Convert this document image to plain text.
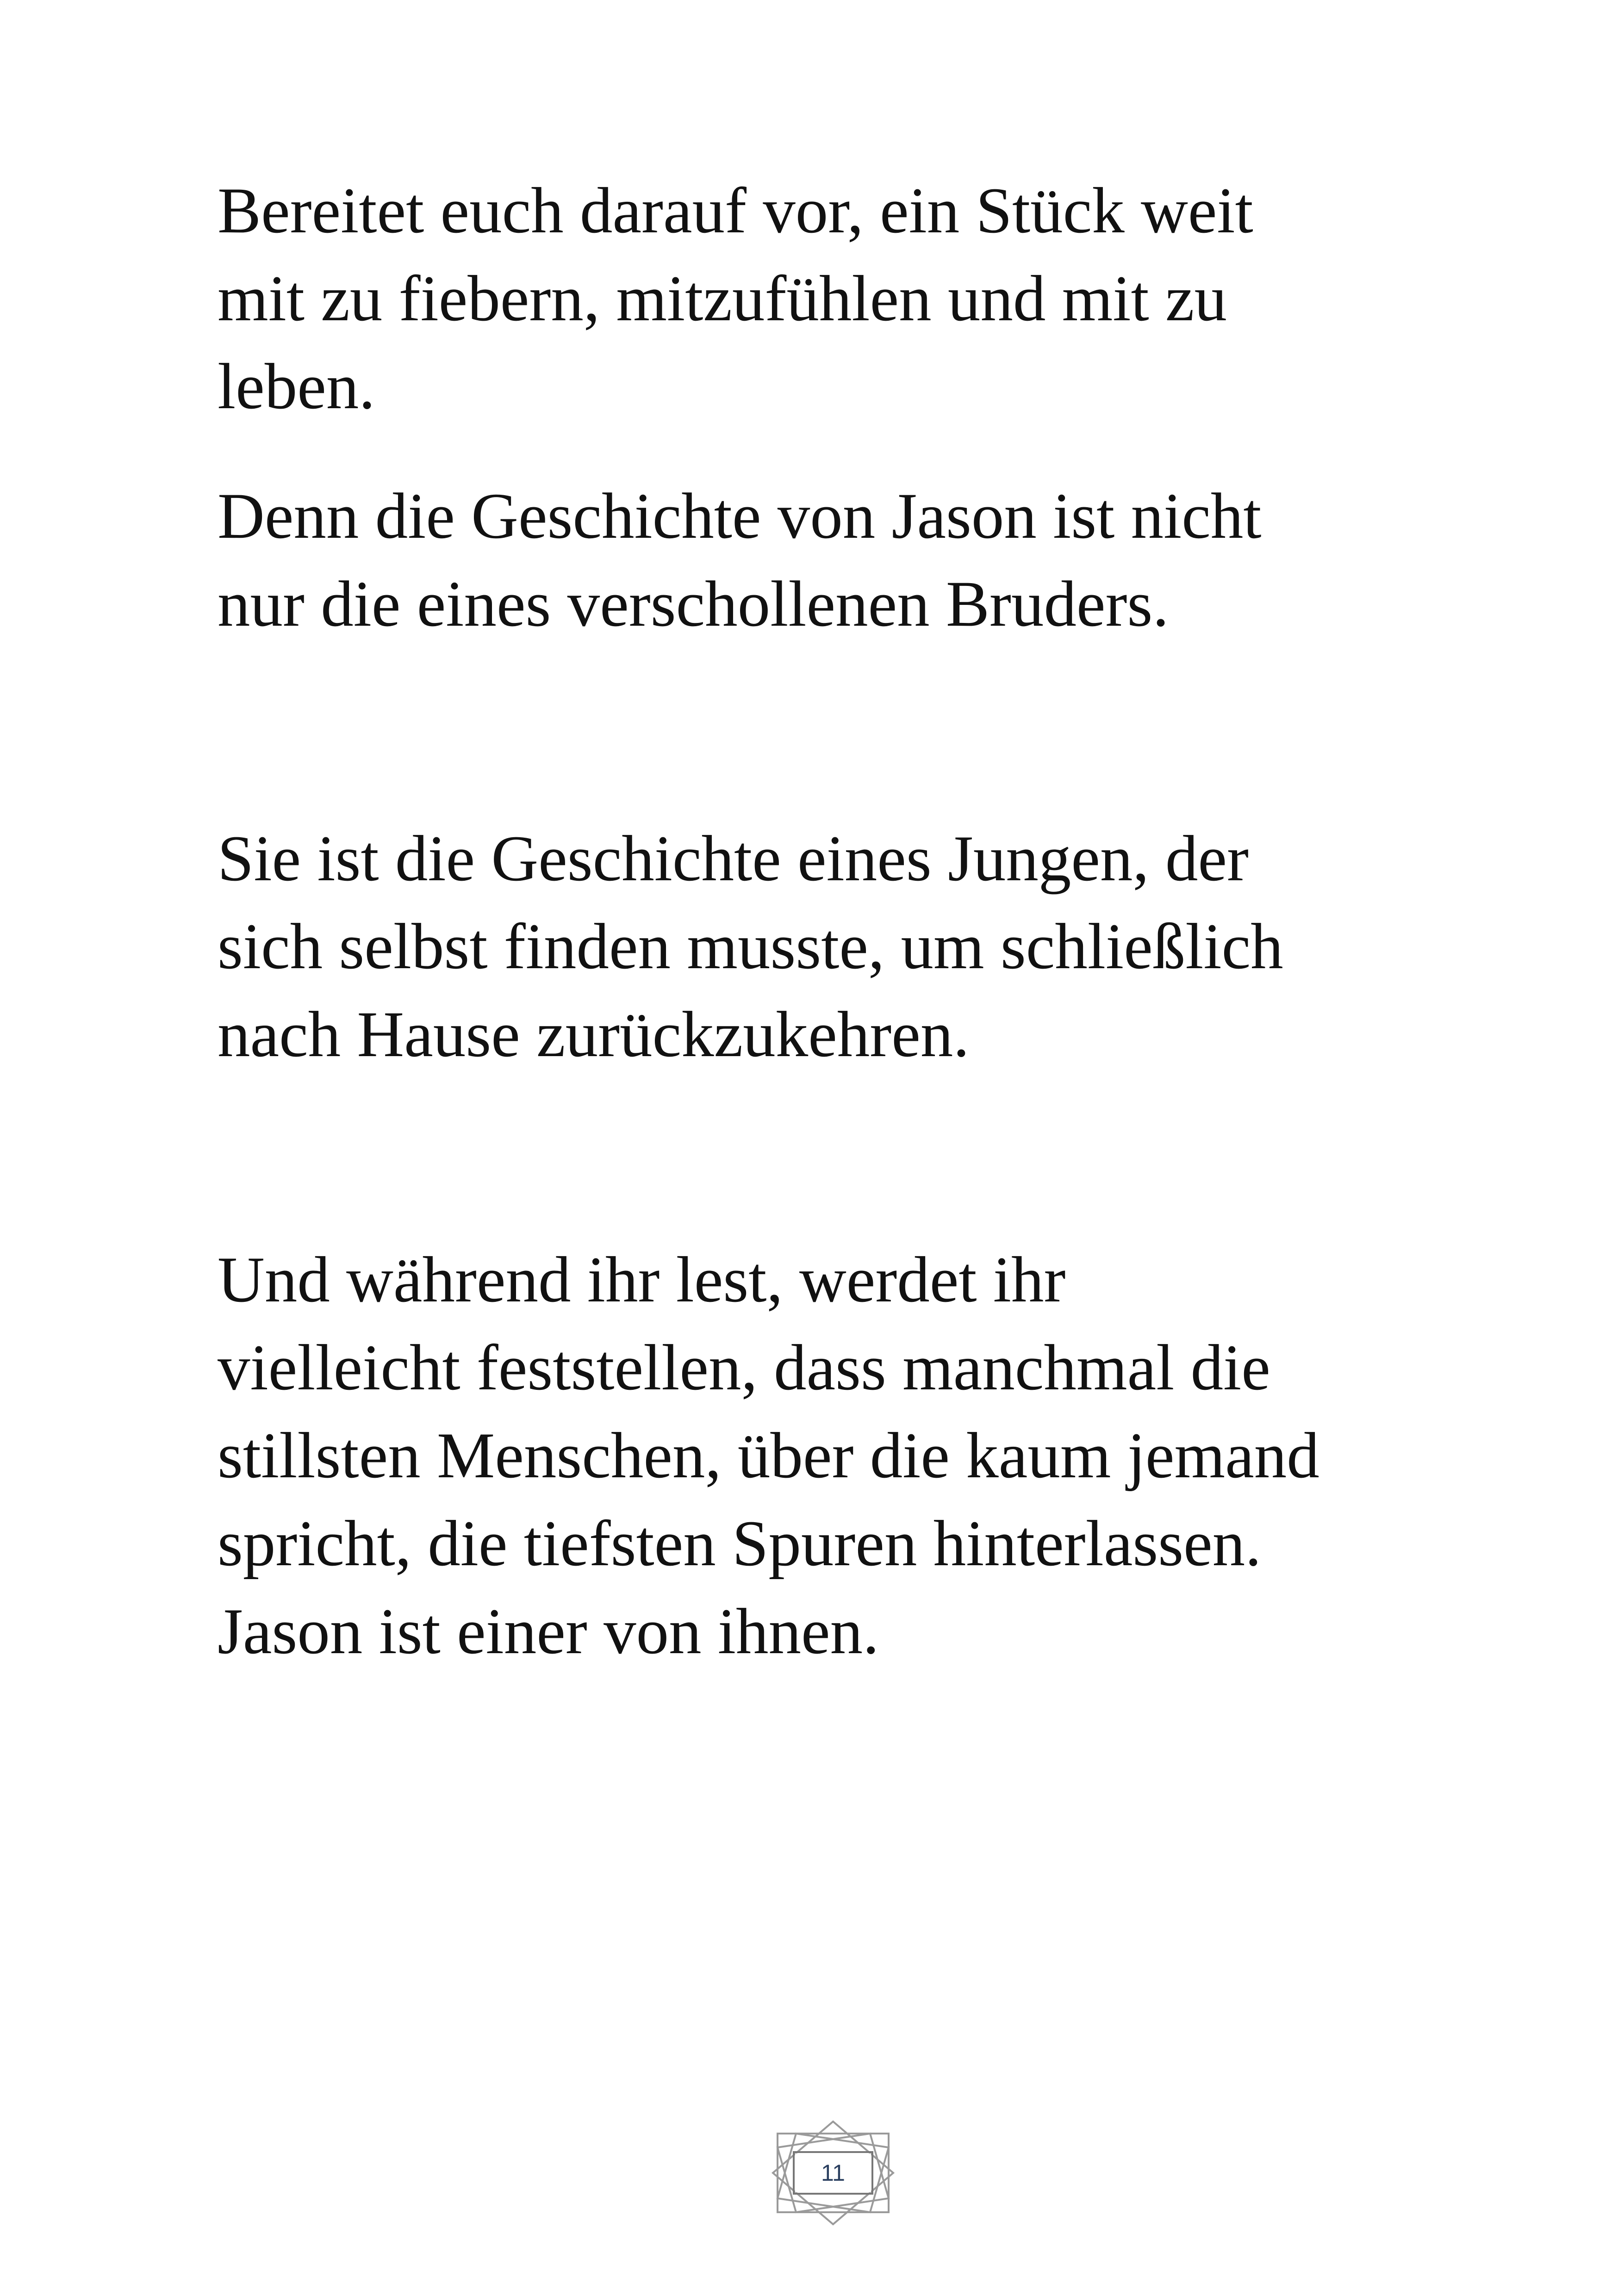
Bereitet euch darauf vor, ein Stück weit
mit zu fiebern, mitzufühlen und mit zu
leben.
Denn die Geschichte von Jason ist nicht
nur die eines verschollenen Bruders.
Sie ist die Geschichte eines Jungen, der
sich selbst finden musste, um schließlich
nach Hause zurückzukehren.
Und während ihr lest, werdet ihr
vielleicht feststellen, dass manchmal die
stillsten Menschen, über die kaum jemand
spricht, die tiefsten Spuren hinterlassen.
Jason ist einer von ihnen.
11
